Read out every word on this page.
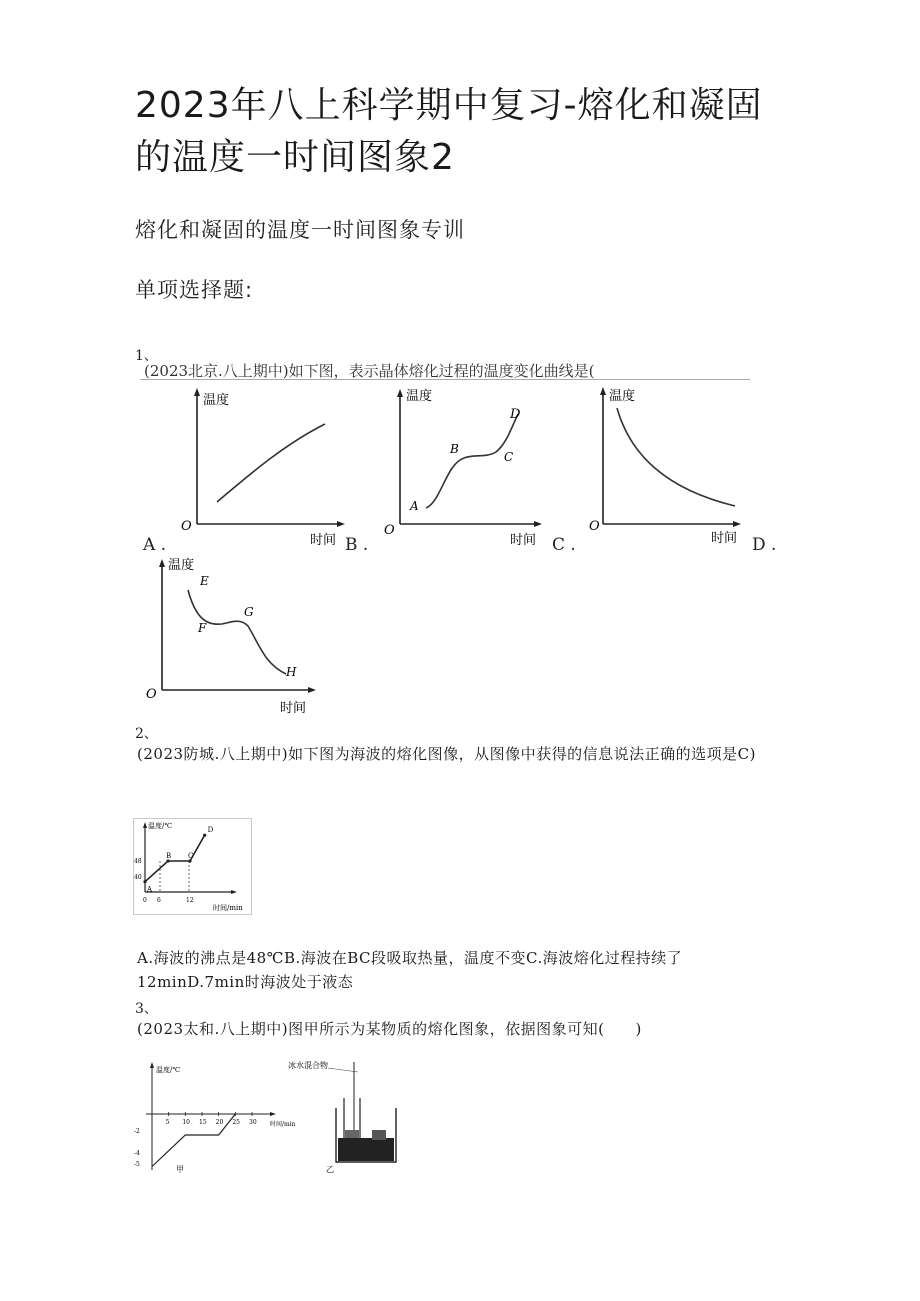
2023年八上科学期中复习-熔化和凝固的温度一时间图象2
熔化和凝固的温度一时间图象专训
单项选择题:
1、
(2023北京.八上期中)如下图，表示晶体熔化过程的温度变化曲线是(
温度
O
时间
A .
温度
O
时间
A
B
C
D
B .
温度
O
时间
C .	D .
温度
O
时间
E
F
G
H
2、
(2023防城.八上期中)如下图为海波的熔化图像，从图像中获得的信息说法正确的选项是C)
温度/℃
时间/min
48
40
0 6	12
A
B C
D
A.海波的沸点是48℃B.海波在BC段吸取热量，温度不变C.海波熔化过程持续了12minD.7min时海波处于液态
3、
(2023太和.八上期中)图甲所示为某物质的熔化图象，依据图象可知(　　)
温度/℃
时间/min
5 10 15 20 25 30
-2
-4
-5
甲
冰水混合物
乙
